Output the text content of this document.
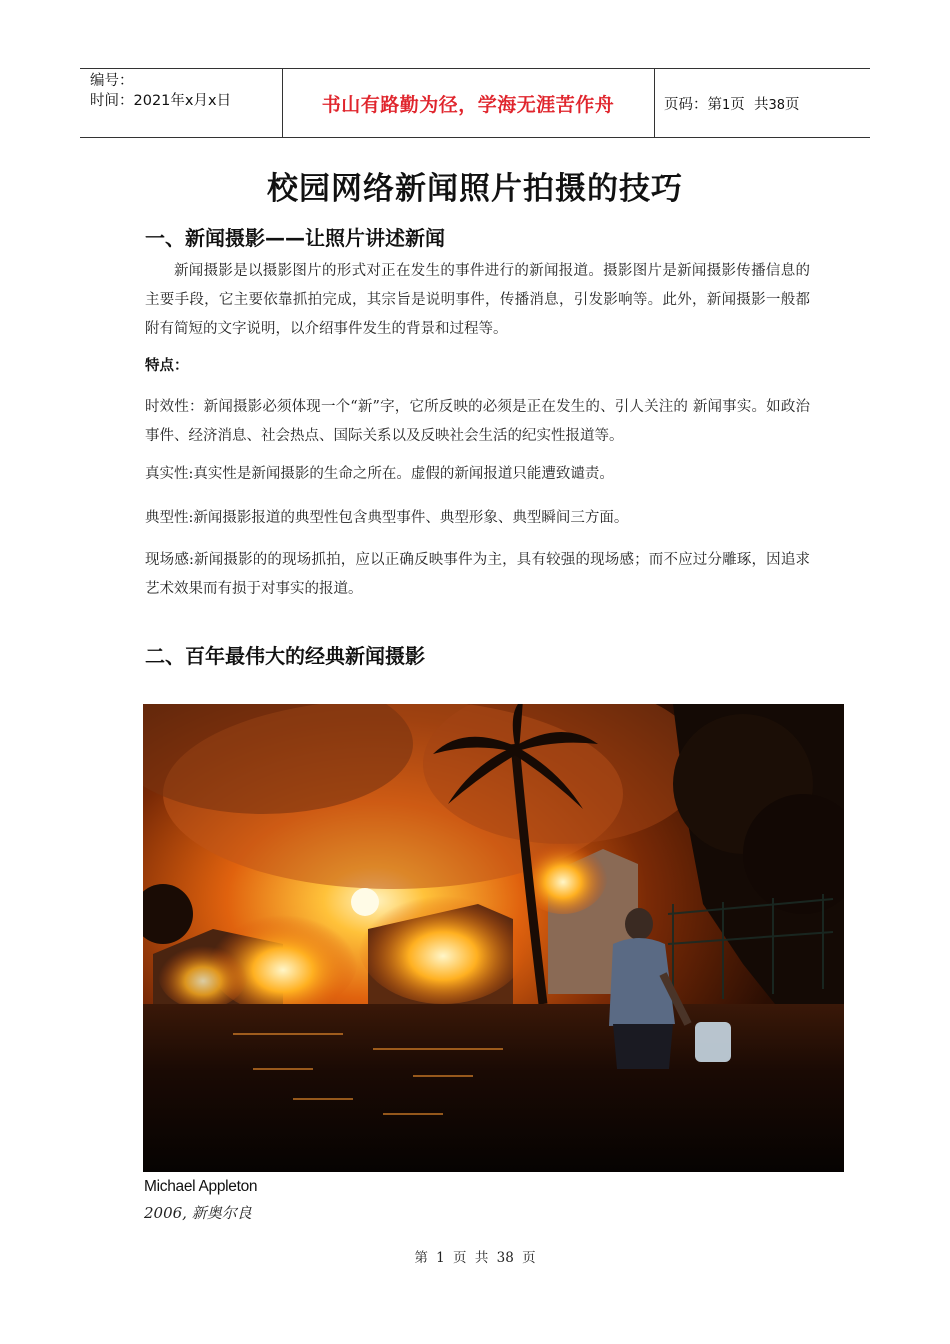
编号：
时间：2021年x月x日	书山有路勤为径，学海无涯苦作舟	页码：第1页  共38页
校园网络新闻照片拍摄的技巧
一、新闻摄影——让照片讲述新闻
新闻摄影是以摄影图片的形式对正在发生的事件进行的新闻报道。摄影图片是新闻摄影传播信息的主要手段，它主要依靠抓拍完成，其宗旨是说明事件，传播消息，引发影响等。此外，新闻摄影一般都附有简短的文字说明，以介绍事件发生的背景和过程等。
特点：
时效性：新闻摄影必须体现一个“新”字，它所反映的必须是正在发生的、引人关注的 新闻事实。如政治事件、经济消息、社会热点、国际关系以及反映社会生活的纪实性报道等。
真实性:真实性是新闻摄影的生命之所在。虚假的新闻报道只能遭致谴责。
典型性:新闻摄影报道的典型性包含典型事件、典型形象、典型瞬间三方面。
现场感:新闻摄影的的现场抓拍，应以正确反映事件为主，具有较强的现场感；而不应过分雕琢，因追求艺术效果而有损于对事实的报道。
二、百年最伟大的经典新闻摄影
Michael Appleton
2006, 新奥尔良
第 1 页 共 38 页
